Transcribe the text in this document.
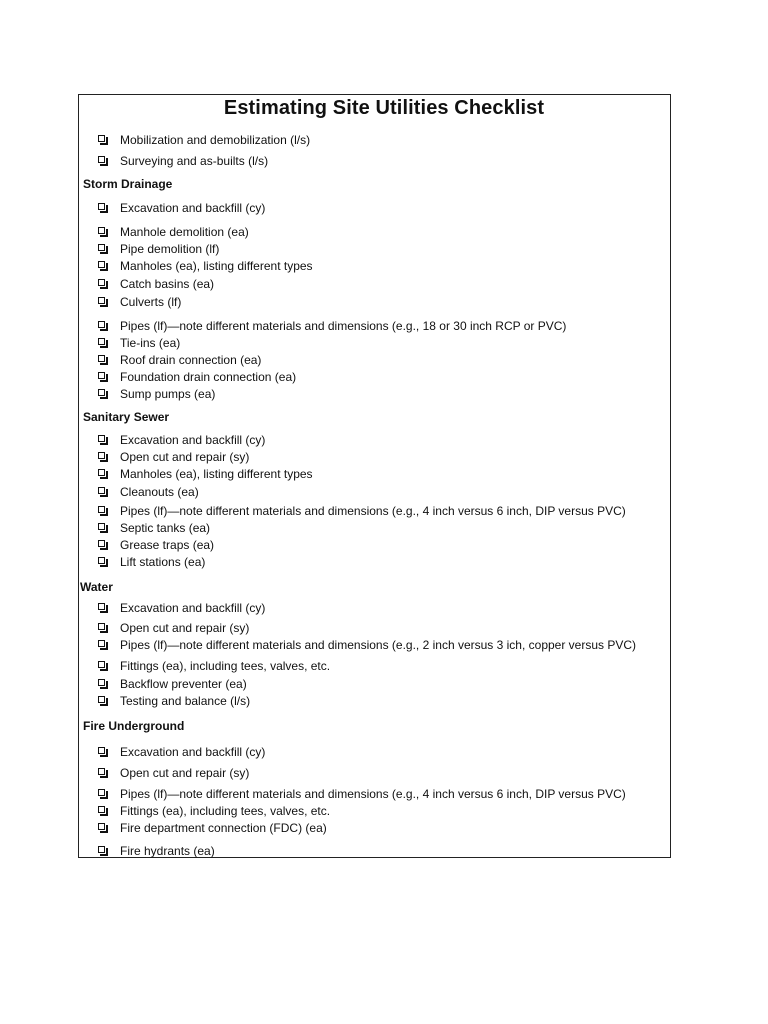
Estimating Site Utilities Checklist
Mobilization and demobilization (l/s)
Surveying and as-builts (l/s)
Storm Drainage
Excavation and backfill (cy)
Manhole demolition (ea)
Pipe demolition (lf)
Manholes (ea), listing different types
Catch basins (ea)
Culverts (lf)
Pipes (lf)—note different materials and dimensions (e.g., 18 or 30 inch RCP or PVC)
Tie-ins (ea)
Roof drain connection (ea)
Foundation drain connection (ea)
Sump pumps (ea)
Sanitary Sewer
Excavation and backfill (cy)
Open cut and repair (sy)
Manholes (ea), listing different types
Cleanouts (ea)
Pipes (lf)—note different materials and dimensions (e.g., 4 inch versus 6 inch, DIP versus PVC)
Septic tanks (ea)
Grease traps (ea)
Lift stations (ea)
Water
Excavation and backfill (cy)
Open cut and repair (sy)
Pipes (lf)—note different materials and dimensions (e.g., 2 inch versus 3 ich, copper versus PVC)
Fittings (ea), including tees, valves, etc.
Backflow preventer (ea)
Testing and balance (l/s)
Fire Underground
Excavation and backfill (cy)
Open cut and repair (sy)
Pipes (lf)—note different materials and dimensions (e.g., 4 inch versus 6 inch, DIP versus PVC)
Fittings (ea), including tees, valves, etc.
Fire department connection (FDC) (ea)
Fire hydrants (ea)
